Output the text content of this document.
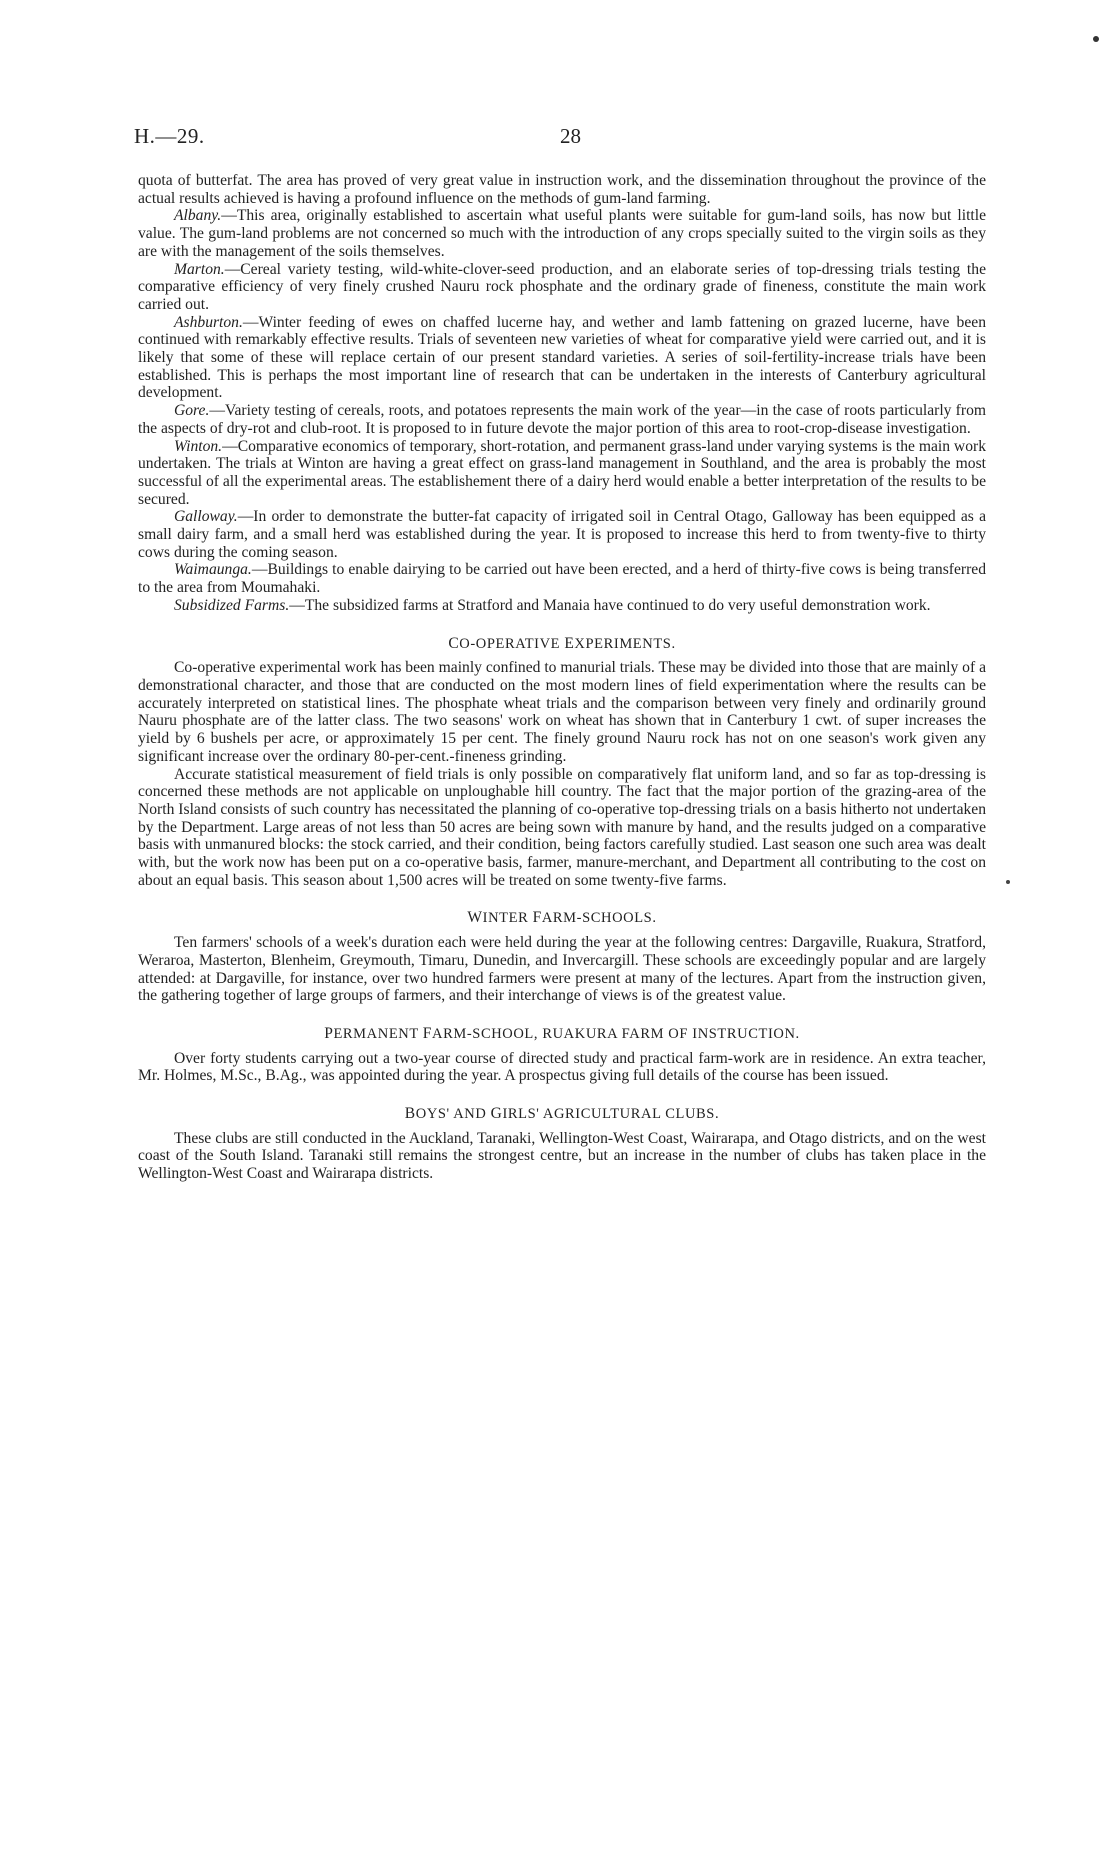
H.—29.	28

quota of butterfat. The area has proved of very great value in instruction work, and the dissemination throughout the province of the actual results achieved is having a profound influence on the methods of gum-land farming.

Albany.—This area, originally established to ascertain what useful plants were suitable for gum-land soils, has now but little value. The gum-land problems are not concerned so much with the introduction of any crops specially suited to the virgin soils as they are with the management of the soils themselves.

Marton.—Cereal variety testing, wild-white-clover-seed production, and an elaborate series of top-dressing trials testing the comparative efficiency of very finely crushed Nauru rock phosphate and the ordinary grade of fineness, constitute the main work carried out.

Ashburton.—Winter feeding of ewes on chaffed lucerne hay, and wether and lamb fattening on grazed lucerne, have been continued with remarkably effective results. Trials of seventeen new varieties of wheat for comparative yield were carried out, and it is likely that some of these will replace certain of our present standard varieties. A series of soil-fertility-increase trials have been established. This is perhaps the most important line of research that can be undertaken in the interests of Canterbury agricultural development.

Gore.—Variety testing of cereals, roots, and potatoes represents the main work of the year—in the case of roots particularly from the aspects of dry-rot and club-root. It is proposed to in future devote the major portion of this area to root-crop-disease investigation.

Winton.—Comparative economics of temporary, short-rotation, and permanent grass-land under varying systems is the main work undertaken. The trials at Winton are having a great effect on grass-land management in Southland, and the area is probably the most successful of all the experimental areas. The establishement there of a dairy herd would enable a better interpretation of the results to be secured.

Galloway.—In order to demonstrate the butter-fat capacity of irrigated soil in Central Otago, Galloway has been equipped as a small dairy farm, and a small herd was established during the year. It is proposed to increase this herd to from twenty-five to thirty cows during the coming season.

Waimaunga.—Buildings to enable dairying to be carried out have been erected, and a herd of thirty-five cows is being transferred to the area from Moumahaki.

Subsidized Farms.—The subsidized farms at Stratford and Manaia have continued to do very useful demonstration work.

CO-OPERATIVE EXPERIMENTS.

Co-operative experimental work has been mainly confined to manurial trials. These may be divided into those that are mainly of a demonstrational character, and those that are conducted on the most modern lines of field experimentation where the results can be accurately interpreted on statistical lines. The phosphate wheat trials and the comparison between very finely and ordinarily ground Nauru phosphate are of the latter class. The two seasons' work on wheat has shown that in Canterbury 1 cwt. of super increases the yield by 6 bushels per acre, or approximately 15 per cent. The finely ground Nauru rock has not on one season's work given any significant increase over the ordinary 80-per-cent.-fineness grinding.

Accurate statistical measurement of field trials is only possible on comparatively flat uniform land, and so far as top-dressing is concerned these methods are not applicable on unploughable hill country. The fact that the major portion of the grazing-area of the North Island consists of such country has necessitated the planning of co-operative top-dressing trials on a basis hitherto not undertaken by the Department. Large areas of not less than 50 acres are being sown with manure by hand, and the results judged on a comparative basis with unmanured blocks: the stock carried, and their condition, being factors carefully studied. Last season one such area was dealt with, but the work now has been put on a co-operative basis, farmer, manure-merchant, and Department all contributing to the cost on about an equal basis. This season about 1,500 acres will be treated on some twenty-five farms.

WINTER FARM-SCHOOLS.

Ten farmers' schools of a week's duration each were held during the year at the following centres: Dargaville, Ruakura, Stratford, Weraroa, Masterton, Blenheim, Greymouth, Timaru, Dunedin, and Invercargill. These schools are exceedingly popular and are largely attended: at Dargaville, for instance, over two hundred farmers were present at many of the lectures. Apart from the instruction given, the gathering together of large groups of farmers, and their interchange of views is of the greatest value.

PERMANENT FARM-SCHOOL, RUAKURA FARM OF INSTRUCTION.

Over forty students carrying out a two-year course of directed study and practical farm-work are in residence. An extra teacher, Mr. Holmes, M.Sc., B.Ag., was appointed during the year. A prospectus giving full details of the course has been issued.

BOYS' AND GIRLS' AGRICULTURAL CLUBS.

These clubs are still conducted in the Auckland, Taranaki, Wellington-West Coast, Wairarapa, and Otago districts, and on the west coast of the South Island. Taranaki still remains the strongest centre, but an increase in the number of clubs has taken place in the Wellington-West Coast and Wairarapa districts.
